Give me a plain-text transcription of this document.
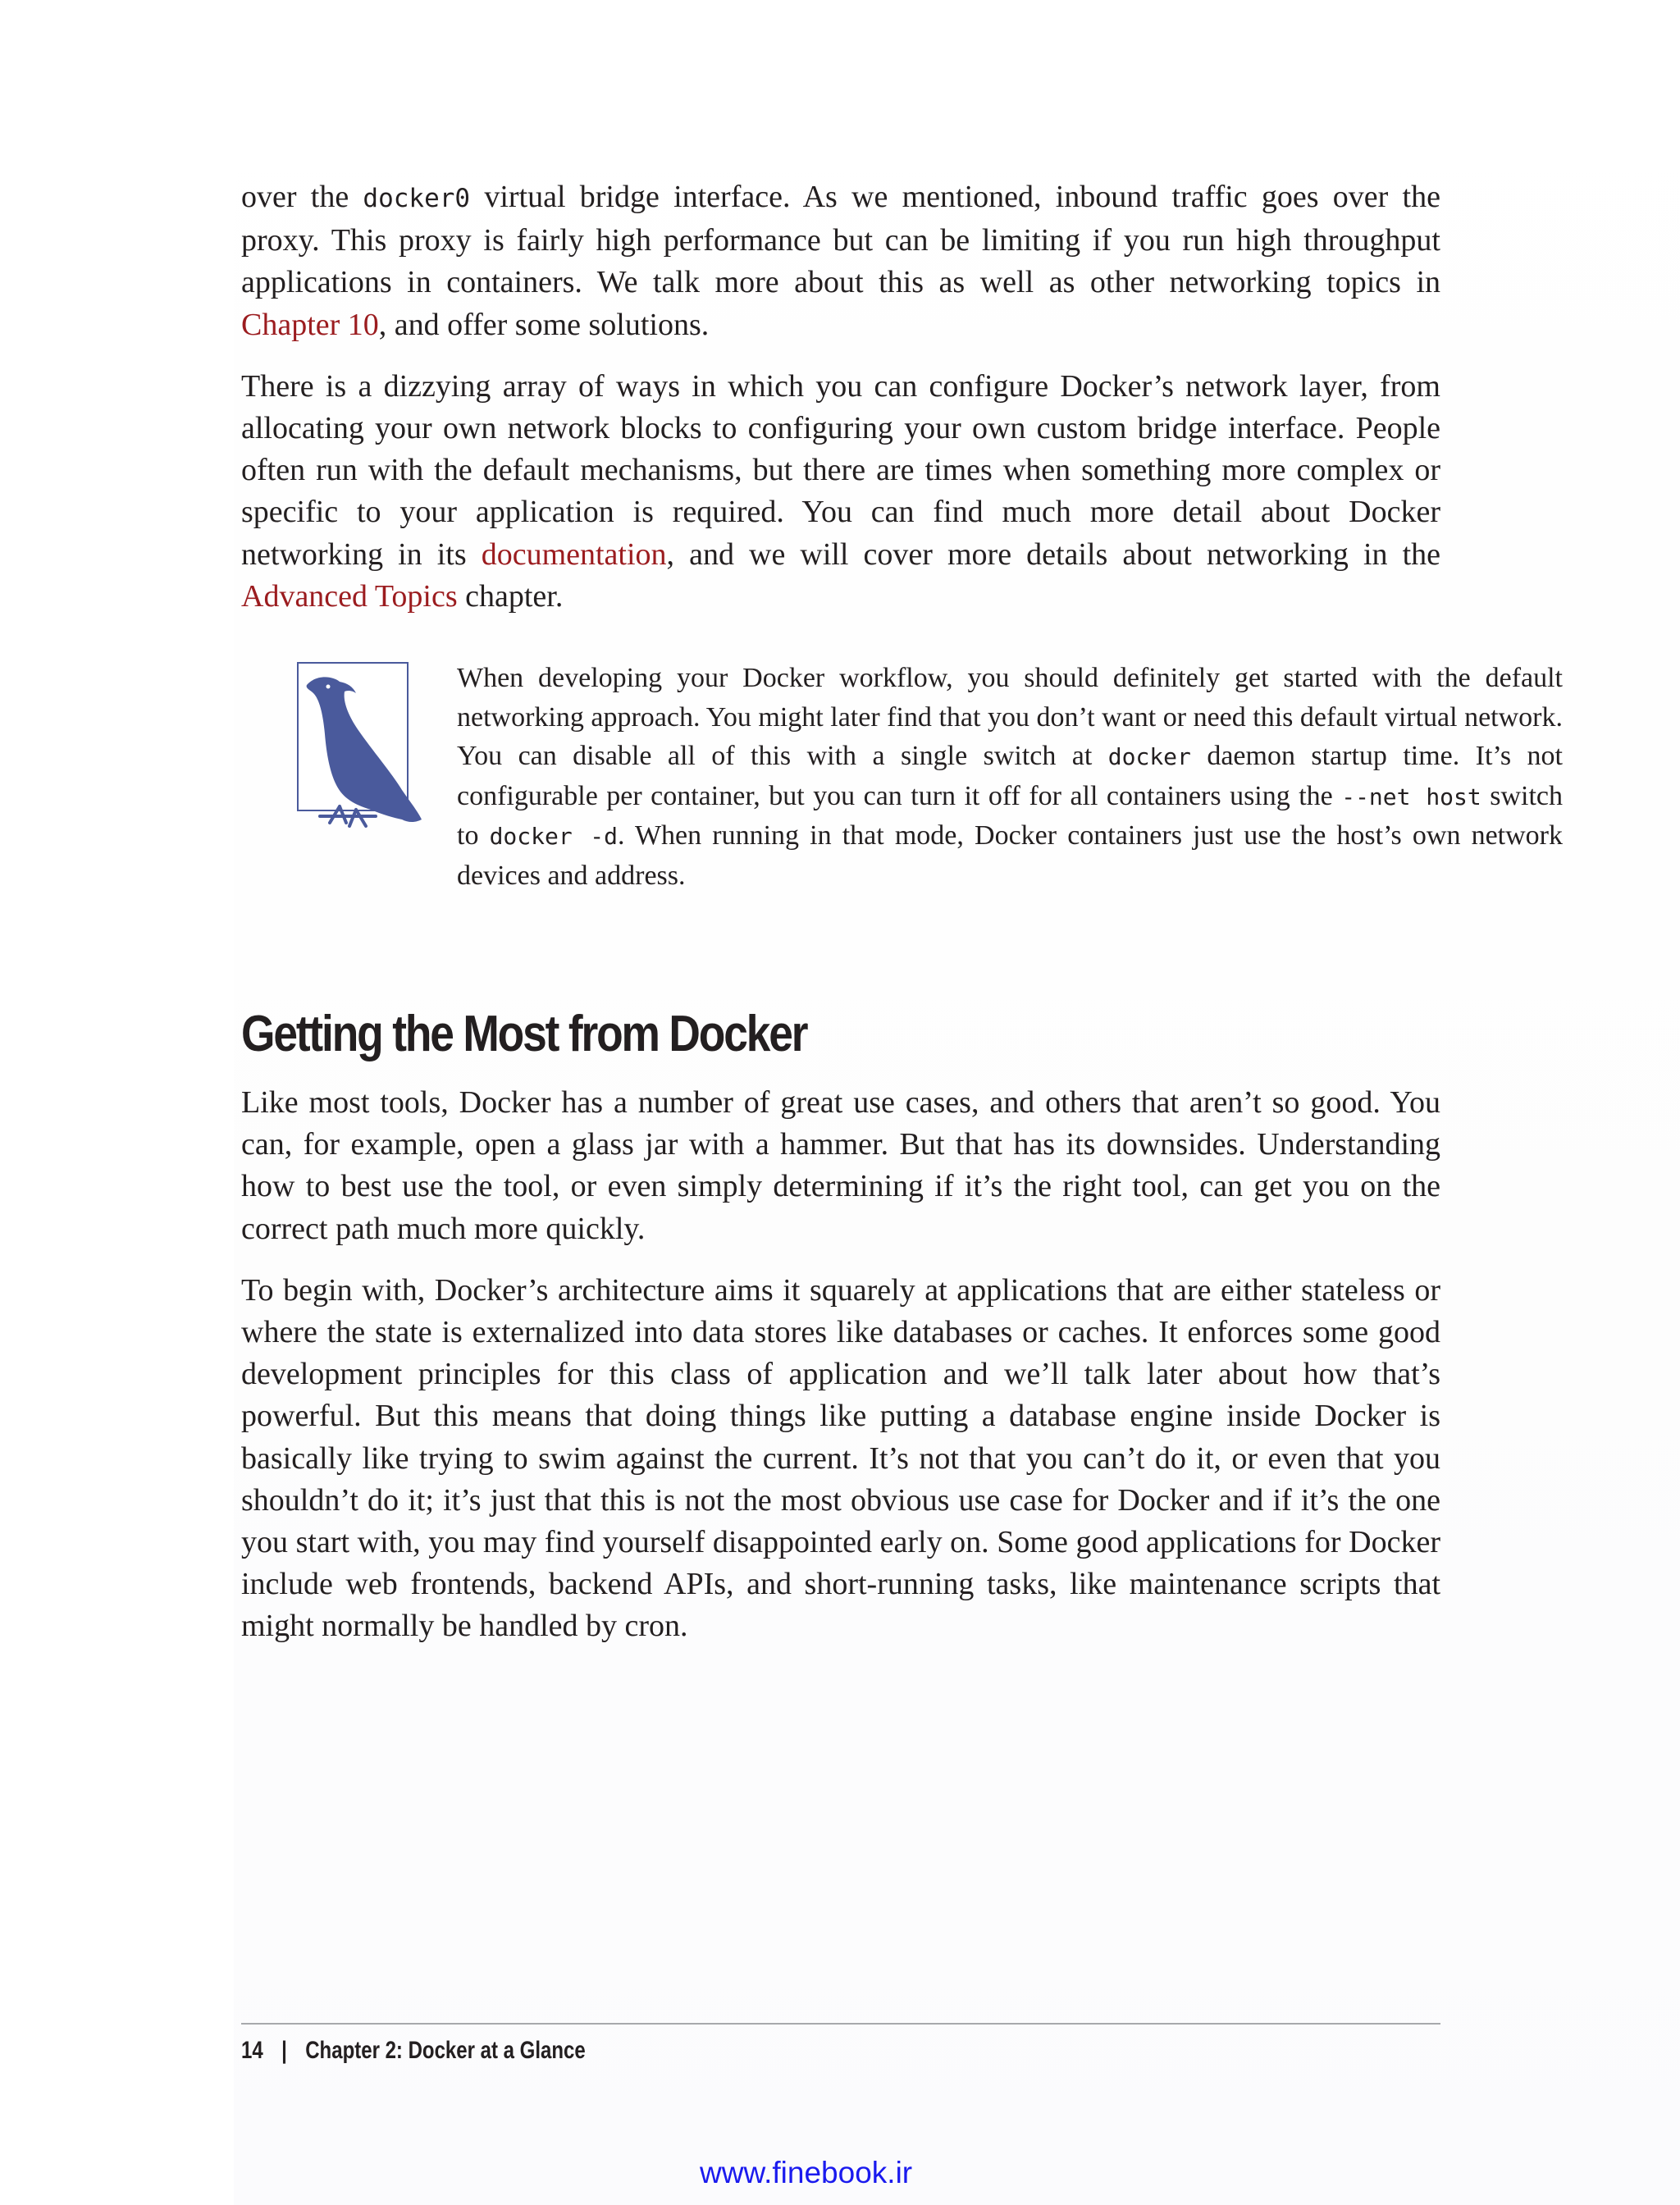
over the docker0 virtual bridge interface. As we mentioned, inbound traffic goes over the proxy. This proxy is fairly high performance but can be limiting if you run high throughput applications in containers. We talk more about this as well as other networking topics in Chapter 10, and offer some solutions.

There is a dizzying array of ways in which you can configure Docker’s network layer, from allocating your own network blocks to configuring your own custom bridge interface. People often run with the default mechanisms, but there are times when something more complex or specific to your application is required. You can find much more detail about Docker networking in its documentation, and we will cover more details about networking in the Advanced Topics chapter.

When developing your Docker workflow, you should definitely get started with the default networking approach. You might later find that you don’t want or need this default virtual network. You can disable all of this with a single switch at docker daemon startup time. It’s not configurable per container, but you can turn it off for all containers using the --net host switch to docker -d. When running in that mode, Docker containers just use the host’s own network devices and address.

Getting the Most from Docker

Like most tools, Docker has a number of great use cases, and others that aren’t so good. You can, for example, open a glass jar with a hammer. But that has its downsides. Understanding how to best use the tool, or even simply determining if it’s the right tool, can get you on the correct path much more quickly.

To begin with, Docker’s architecture aims it squarely at applications that are either stateless or where the state is externalized into data stores like databases or caches. It enforces some good development principles for this class of application and we’ll talk later about how that’s powerful. But this means that doing things like putting a database engine inside Docker is basically like trying to swim against the current. It’s not that you can’t do it, or even that you shouldn’t do it; it’s just that this is not the most obvious use case for Docker and if it’s the one you start with, you may find yourself disappointed early on. Some good applications for Docker include web frontends, backend APIs, and short-running tasks, like maintenance scripts that might normally be handled by cron.

14 | Chapter 2: Docker at a Glance
www.finebook.ir
